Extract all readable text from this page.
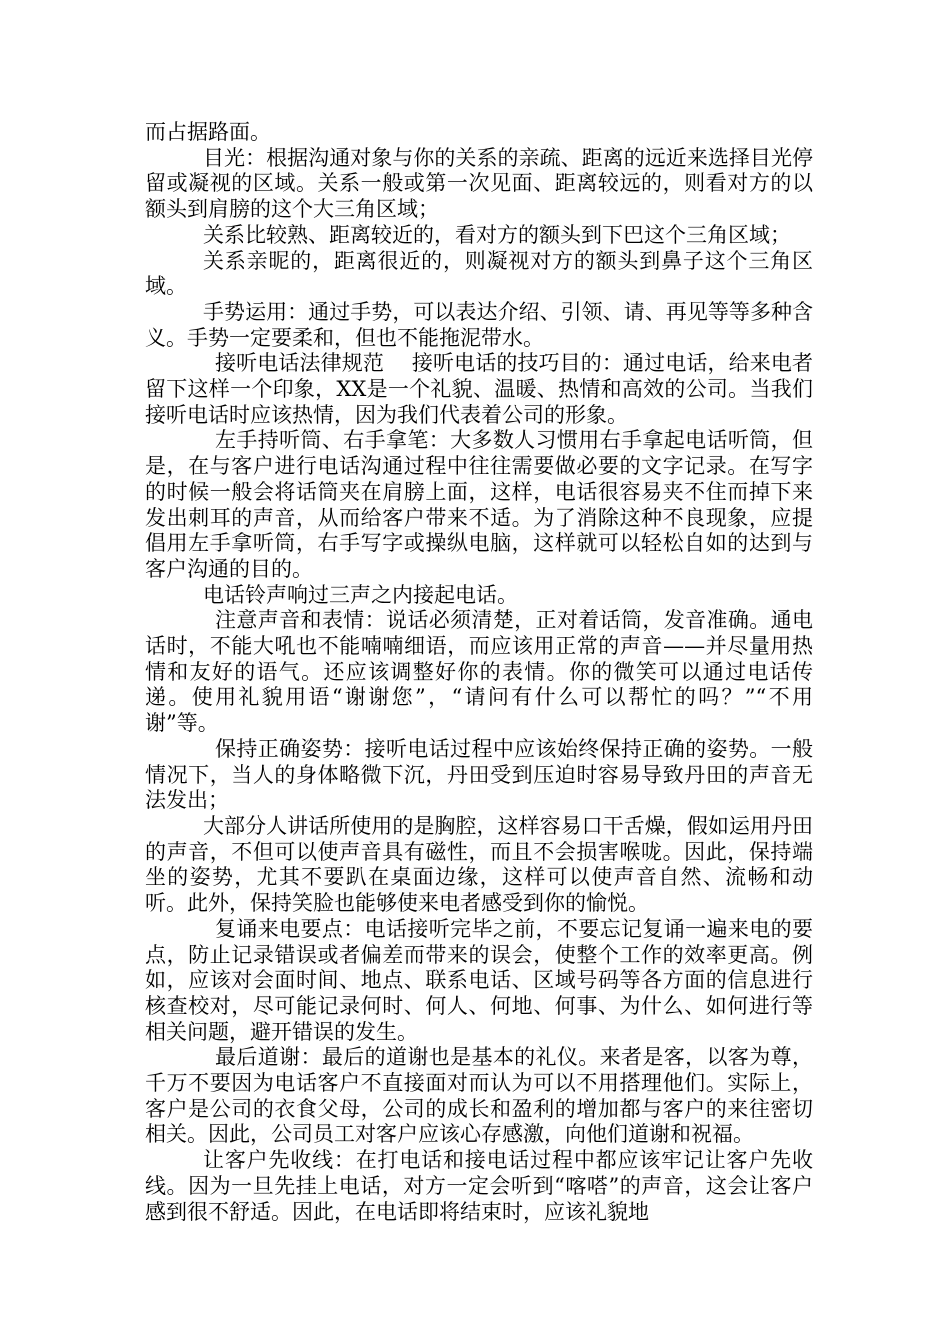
而占据路面。

目光：根据沟通对象与你的关系的亲疏、距离的远近来选择目光停留或凝视的区域。关系一般或第一次见面、距离较远的，则看对方的以额头到肩膀的这个大三角区域；

关系比较熟、距离较近的，看对方的额头到下巴这个三角区域；

关系亲昵的，距离很近的，则凝视对方的额头到鼻子这个三角区域。

手势运用：通过手势，可以表达介绍、引领、请、再见等等多种含义。手势一定要柔和，但也不能拖泥带水。

接听电话法律规范　 接听电话的技巧目的：通过电话，给来电者留下这样一个印象，XX是一个礼貌、温暖、热情和高效的公司。当我们接听电话时应该热情，因为我们代表着公司的形象。

左手持听筒、右手拿笔：大多数人习惯用右手拿起电话听筒，但是，在与客户进行电话沟通过程中往往需要做必要的文字记录。在写字的时候一般会将话筒夹在肩膀上面，这样，电话很容易夹不住而掉下来发出刺耳的声音，从而给客户带来不适。为了消除这种不良现象，应提倡用左手拿听筒，右手写字或操纵电脑，这样就可以轻松自如的达到与客户沟通的目的。

电话铃声响过三声之内接起电话。

注意声音和表情：说话必须清楚，正对着话筒，发音准确。通电话时，不能大吼也不能喃喃细语，而应该用正常的声音——并尽量用热情和友好的语气。还应该调整好你的表情。你的微笑可以通过电话传递。使用礼貌用语“谢谢您”，“请问有什么可以帮忙的吗？”“不用谢”等。

保持正确姿势：接听电话过程中应该始终保持正确的姿势。一般情况下，当人的身体略微下沉，丹田受到压迫时容易导致丹田的声音无法发出；

大部分人讲话所使用的是胸腔，这样容易口干舌燥，假如运用丹田的声音，不但可以使声音具有磁性，而且不会损害喉咙。因此，保持端坐的姿势，尤其不要趴在桌面边缘，这样可以使声音自然、流畅和动听。此外，保持笑脸也能够使来电者感受到你的愉悦。

复诵来电要点：电话接听完毕之前，不要忘记复诵一遍来电的要点，防止记录错误或者偏差而带来的误会，使整个工作的效率更高。例如，应该对会面时间、地点、联系电话、区域号码等各方面的信息进行核查校对，尽可能记录何时、何人、何地、何事、为什么、如何进行等相关问题，避开错误的发生。

最后道谢：最后的道谢也是基本的礼仪。来者是客，以客为尊，千万不要因为电话客户不直接面对而认为可以不用搭理他们。实际上，客户是公司的衣食父母，公司的成长和盈利的增加都与客户的来往密切相关。因此，公司员工对客户应该心存感激，向他们道谢和祝福。

让客户先收线：在打电话和接电话过程中都应该牢记让客户先收线。因为一旦先挂上电话，对方一定会听到“喀嗒”的声音，这会让客户感到很不舒适。因此，在电话即将结束时，应该礼貌地
